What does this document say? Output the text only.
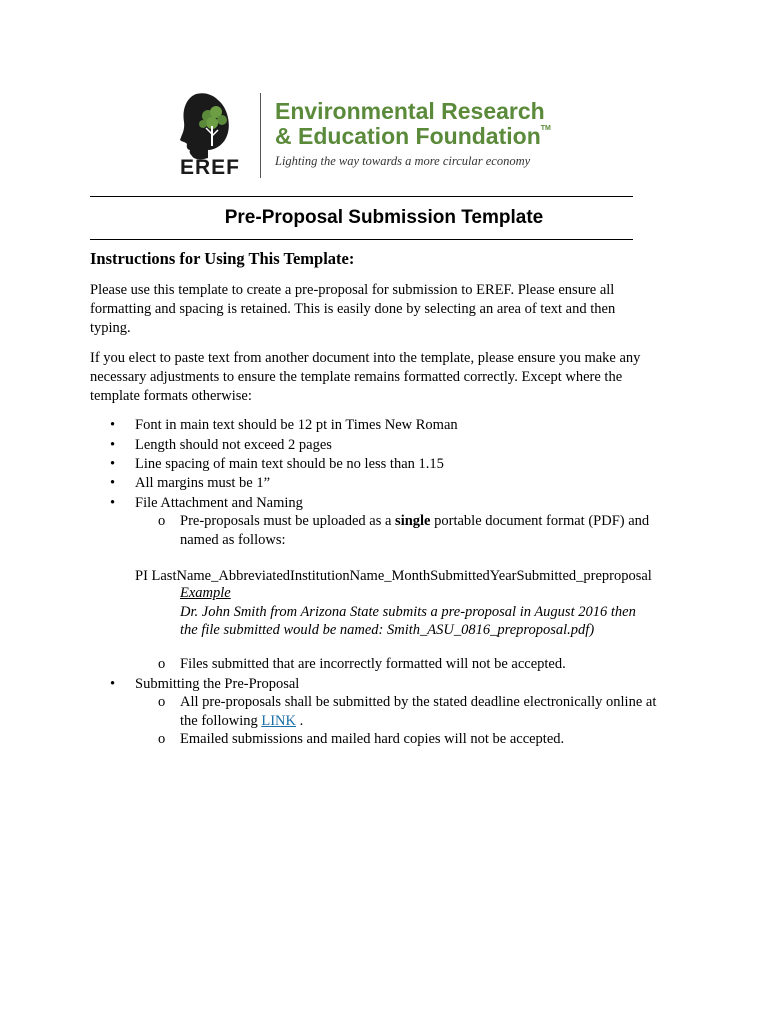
EREF
Environmental Research
& Education Foundation™
Lighting the way towards a more circular economy
Pre-Proposal Submission Template
Instructions for Using This Template:
Please use this template to create a pre-proposal for submission to EREF. Please ensure all
formatting and spacing is retained. This is easily done by selecting an area of text and then
typing.
If you elect to paste text from another document into the template, please ensure you make any
necessary adjustments to ensure the template remains formatted correctly. Except where the
template formats otherwise:
• Font in main text should be 12 pt in Times New Roman
• Length should not exceed 2 pages
• Line spacing of main text should be no less than 1.15
• All margins must be 1”
• File Attachment and Naming
o Pre-proposals must be uploaded as a single portable document format (PDF) and
named as follows:
PI LastName_AbbreviatedInstitutionName_MonthSubmittedYearSubmitted_preproposal
Example
Dr. John Smith from Arizona State submits a pre-proposal in August 2016 then
the file submitted would be named: Smith_ASU_0816_preproposal.pdf)
o Files submitted that are incorrectly formatted will not be accepted.
• Submitting the Pre-Proposal
o All pre-proposals shall be submitted by the stated deadline electronically online at
the following LINK .
o Emailed submissions and mailed hard copies will not be accepted.
